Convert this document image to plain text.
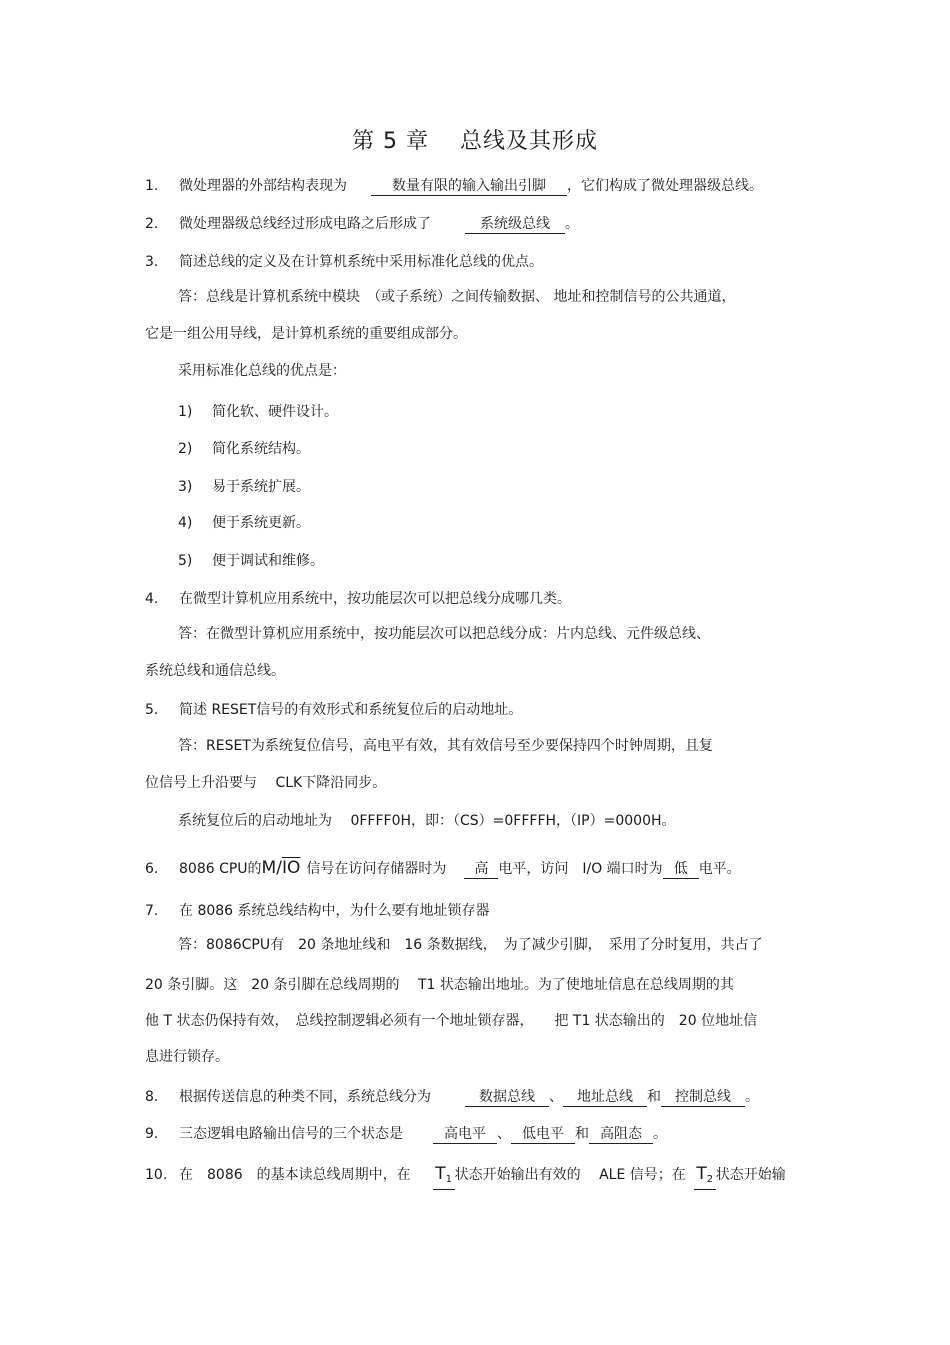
第 5 章　 总线及其形成
1. 微处理器的外部结构表现为	数量有限的输入输出引脚 ，它们构成了微处理器级总线。
2. 微处理器级总线经过形成电路之后形成了	系统级总线 。
3. 简述总线的定义及在计算机系统中采用标准化总线的优点。
答：总线是计算机系统中模块　（或子系统）之间传输数据、 地址和控制信号的公共通道，
它是一组公用导线，是计算机系统的重要组成部分。
采用标准化总线的优点是：
1) 简化软、硬件设计。
2) 简化系统结构。
3) 易于系统扩展。
4) 便于系统更新。
5) 便于调试和维修。
4. 在微型计算机应用系统中，按功能层次可以把总线分成哪几类。
答：在微型计算机应用系统中，按功能层次可以把总线分成：片内总线、元件级总线、
系统总线和通信总线。
5. 简述 RESET信号的有效形式和系统复位后的启动地址。
答：RESET为系统复位信号，高电平有效，其有效信号至少要保持四个时钟周期，且复
位信号上升沿要与　 CLK下降沿同步。
系统复位后的启动地址为　 0FFFF0H，即：（CS）=0FFFFH，（IP）=0000H。
6. 8086 CPU的$M/\overline{IO}$ 信号在访问存储器时为 高 电平，访问　I/O 端口时为 低 电平。
7. 在 8086 系统总线结构中，为什么要有地址锁存器
答：8086CPU有　20 条地址线和　16 条数据线，　为了减少引脚，　采用了分时复用，共占了
20 条引脚。这　20 条引脚在总线周期的　 T1 状态输出地址。为了使地址信息在总线周期的其
他 T 状态仍保持有效，　总线控制逻辑必须有一个地址锁存器，　　把 T1 状态输出的　20 位地址信
息进行锁存。
8. 根据传送信息的种类不同，系统总线分为	数据总线 、 地址总线 和 控制总线 。
9. 三态逻辑电路输出信号的三个状态是	高电平 、 低电平 和 高阻态 。
10. 在　8086　的基本读总线周期中，在 $T_1$ 状态开始输出有效的　 ALE 信号；在 $T_2$ 状态开始输
